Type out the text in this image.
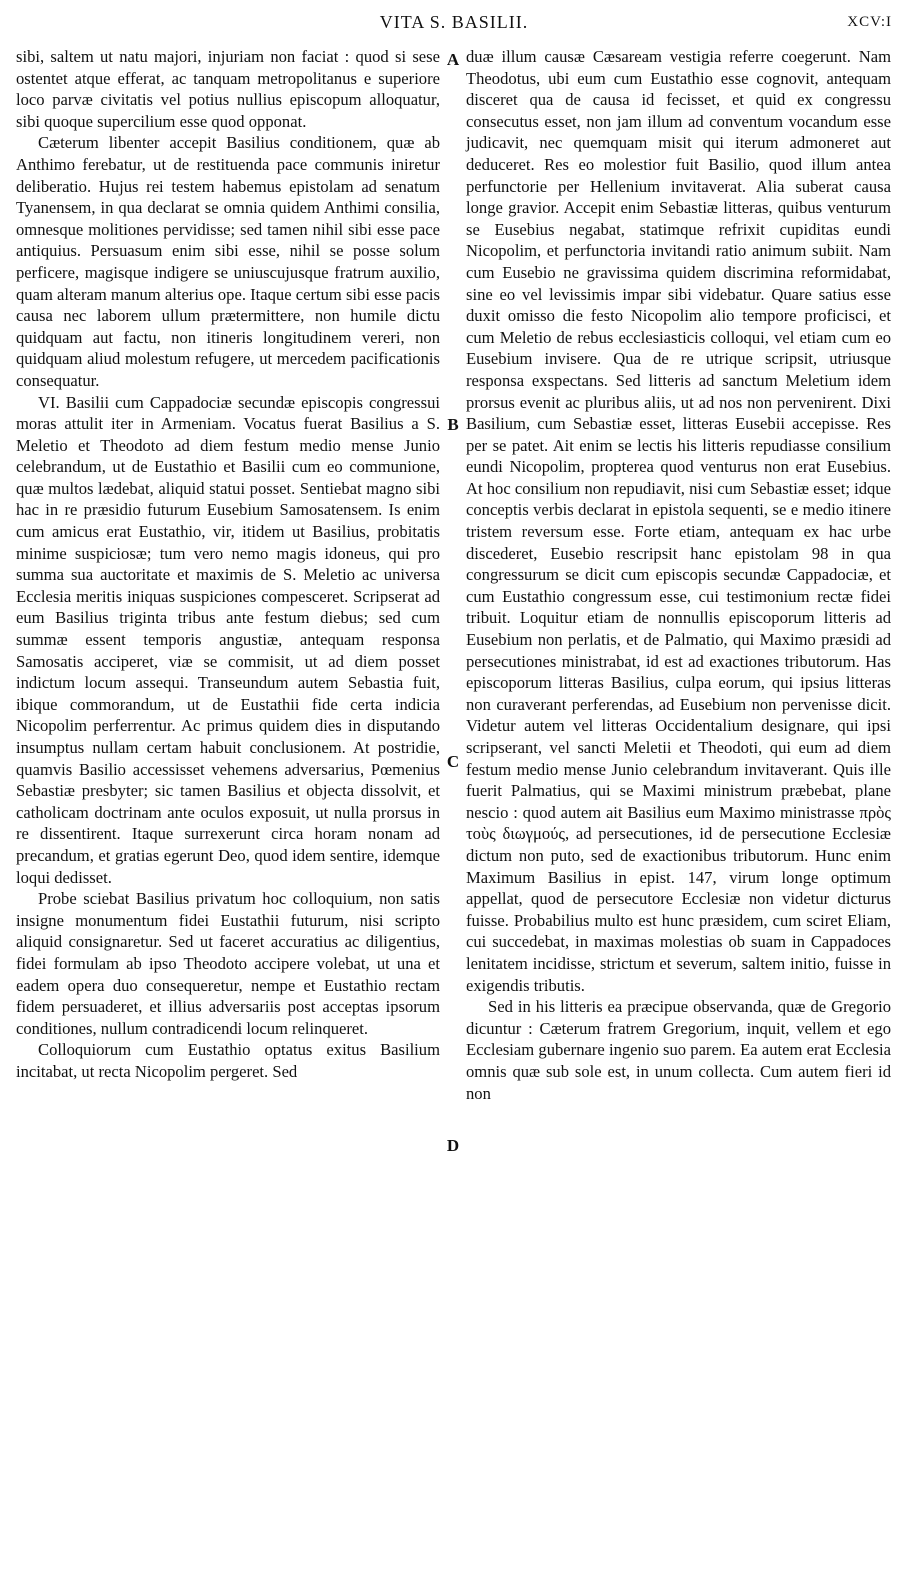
VITA S. BASILII.	XCV:I
A
B
C
D

sibi, saltem ut natu majori, injuriam non faciat : quod si sese ostentet atque efferat, ac tanquam metropolitanus e superiore loco parvæ civitatis vel potius nullius episcopum alloquatur, sibi quoque supercilium esse quod opponat.

Cæterum libenter accepit Basilius conditionem, quæ ab Anthimo ferebatur, ut de restituenda pace communis iniretur deliberatio. Hujus rei testem habemus epistolam ad senatum Tyanensem, in qua declarat se omnia quidem Anthimi consilia, omnesque molitiones pervidisse; sed tamen nihil sibi esse pace antiquius. Persuasum enim sibi esse, nihil se posse solum perficere, magisque indigere se uniuscujusque fratrum auxilio, quam alteram manum alterius ope. Itaque certum sibi esse pacis causa nec laborem ullum prætermittere, non humile dictu quidquam aut factu, non itineris longitudinem vereri, non quidquam aliud molestum refugere, ut mercedem pacificationis consequatur.

VI. Basilii cum Cappadociæ secundæ episcopis congressui moras attulit iter in Armeniam. Vocatus fuerat Basilius a S. Meletio et Theodoto ad diem festum medio mense Junio celebrandum, ut de Eustathio et Basilii cum eo communione, quæ multos lædebat, aliquid statui posset. Sentiebat magno sibi hac in re præsidio futurum Eusebium Samosatensem. Is enim cum amicus erat Eustathio, vir, itidem ut Basilius, probitatis minime suspiciosæ; tum vero nemo magis idoneus, qui pro summa sua auctoritate et maximis de S. Meletio ac universa Ecclesia meritis iniquas suspiciones compesceret. Scripserat ad eum Basilius triginta tribus ante festum diebus; sed cum summæ essent temporis angustiæ, antequam responsa Samosatis acciperet, viæ se commisit, ut ad diem posset indictum locum assequi. Transeundum autem Sebastia fuit, ibique commorandum, ut de Eustathii fide certa indicia Nicopolim perferrentur. Ac primus quidem dies in disputando insumptus nullam certam habuit conclusionem. At postridie, quamvis Basilio accessisset vehemens adversarius, Pœmenius Sebastiæ presbyter; sic tamen Basilius et objecta dissolvit, et catholicam doctrinam ante oculos exposuit, ut nulla prorsus in re dissentirent. Itaque surrexerunt circa horam nonam ad precandum, et gratias egerunt Deo, quod idem sentire, idemque loqui dedisset.

Probe sciebat Basilius privatum hoc colloquium, non satis insigne monumentum fidei Eustathii futurum, nisi scripto aliquid consignaretur. Sed ut faceret accuratius ac diligentius, fidei formulam ab ipso Theodoto accipere volebat, ut una et eadem opera duo consequeretur, nempe et Eustathio rectam fidem persuaderet, et illius adversariis post acceptas ipsorum conditiones, nullum contradicendi locum relinqueret.

Colloquiorum cum Eustathio optatus exitus Basilium incitabat, ut recta Nicopolim pergeret. Sed

duæ illum causæ Cæsaream vestigia referre coegerunt. Nam Theodotus, ubi eum cum Eustathio esse cognovit, antequam disceret qua de causa id fecisset, et quid ex congressu consecutus esset, non jam illum ad conventum vocandum esse judicavit, nec quemquam misit qui iterum admoneret aut deduceret. Res eo molestior fuit Basilio, quod illum antea perfunctorie per Hellenium invitaverat. Alia suberat causa longe gravior. Accepit enim Sebastiæ litteras, quibus venturum se Eusebius negabat, statimque refrixit cupiditas eundi Nicopolim, et perfunctoria invitandi ratio animum subiit. Nam cum Eusebio ne gravissima quidem discrimina reformidabat, sine eo vel levissimis impar sibi videbatur. Quare satius esse duxit omisso die festo Nicopolim alio tempore proficisci, et cum Meletio de rebus ecclesiasticis colloqui, vel etiam cum eo Eusebium invisere. Qua de re utrique scripsit, utriusque responsa exspectans. Sed litteris ad sanctum Meletium idem prorsus evenit ac pluribus aliis, ut ad nos non pervenirent. Dixi Basilium, cum Sebastiæ esset, litteras Eusebii accepisse. Res per se patet. Ait enim se lectis his litteris repudiasse consilium eundi Nicopolim, propterea quod venturus non erat Eusebius. At hoc consilium non repudiavit, nisi cum Sebastiæ esset; idque conceptis verbis declarat in epistola sequenti, se e medio itinere tristem reversum esse. Forte etiam, antequam ex hac urbe discederet, Eusebio rescripsit hanc epistolam 98 in qua congressurum se dicit cum episcopis secundæ Cappadociæ, et cum Eustathio congressum esse, cui testimonium rectæ fidei tribuit. Loquitur etiam de nonnullis episcoporum litteris ad Eusebium non perlatis, et de Palmatio, qui Maximo præsidi ad persecutiones ministrabat, id est ad exactiones tributorum. Has episcoporum litteras Basilius, culpa eorum, qui ipsius litteras non curaverant perferendas, ad Eusebium non pervenisse dicit. Videtur autem vel litteras Occidentalium designare, qui ipsi scripserant, vel sancti Meletii et Theodoti, qui eum ad diem festum medio mense Junio celebrandum invitaverant. Quis ille fuerit Palmatius, qui se Maximi ministrum præbebat, plane nescio : quod autem ait Basilius eum Maximo ministrasse πρὸς τοὺς διωγμούς, ad persecutiones, id de persecutione Ecclesiæ dictum non puto, sed de exactionibus tributorum. Hunc enim Maximum Basilius in epist. 147, virum longe optimum appellat, quod de persecutore Ecclesiæ non videtur dicturus fuisse. Probabilius multo est hunc præsidem, cum sciret Eliam, cui succedebat, in maximas molestias ob suam in Cappadoces lenitatem incidisse, strictum et severum, saltem initio, fuisse in exigendis tributis.

Sed in his litteris ea præcipue observanda, quæ de Gregorio dicuntur : Cæterum fratrem Gregorium, inquit, vellem et ego Ecclesiam gubernare ingenio suo parem. Ea autem erat Ecclesia omnis quæ sub sole est, in unum collecta. Cum autem fieri id non
